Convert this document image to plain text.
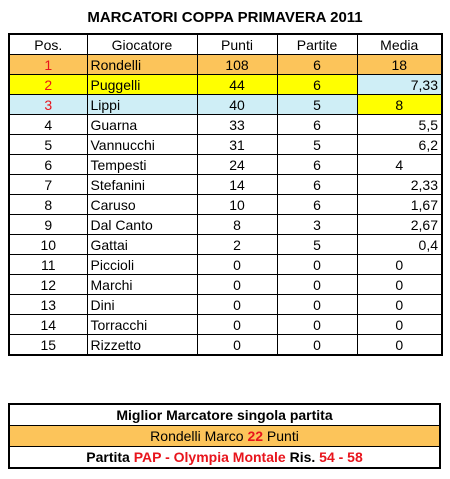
MARCATORI COPPA PRIMAVERA 2011
Pos.	Giocatore	Punti	Partite	Media
1	Rondelli	108	6	18
2	Puggelli	44	6	7,33
3	Lippi	40	5	8
4	Guarna	33	6	5,5
5	Vannucchi	31	5	6,2
6	Tempesti	24	6	4
7	Stefanini	14	6	2,33
8	Caruso	10	6	1,67
9	Dal Canto	8	3	2,67
10	Gattai	2	5	0,4
11	Piccioli	0	0	0
12	Marchi	0	0	0
13	Dini	0	0	0
14	Torracchi	0	0	0
15	Rizzetto	0	0	0
Miglior Marcatore singola partita
Rondelli Marco 22 Punti
Partita PAP - Olympia Montale Ris. 54 - 58
